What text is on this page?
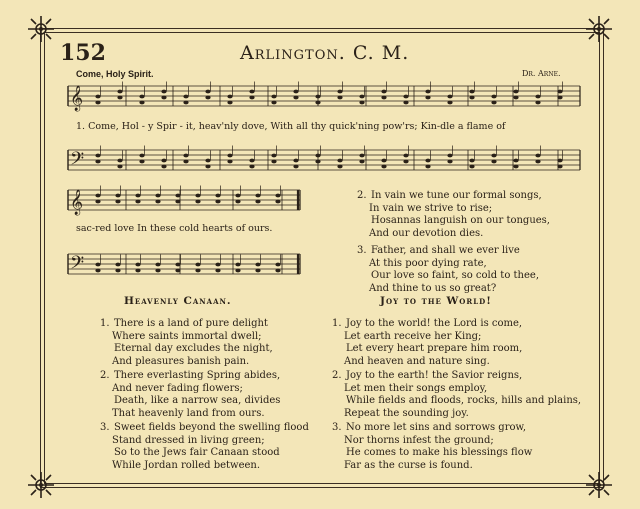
152	Arlington. C. M.
Come, Holy Spirit.	Dr. Arne.
𝄞
𝄢
𝄞
𝄢
1. Come, Hol - y Spir - it, heav'nly dove, With all thy quick'ning pow'rs; Kin-dle a flame of
sac-red love In these cold hearts of ours.
2. In vain we tune our formal songs,
In vain we strive to rise;
Hosannas languish on our tongues,
And our devotion dies.
3. Father, and shall we ever live
At this poor dying rate,
Our love so faint, so cold to thee,
And thine to us so great?
Heavenly Canaan.
1. There is a land of pure delight
Where saints immortal dwell;
Eternal day excludes the night,
And pleasures banish pain.
2. There everlasting Spring abides,
And never fading flowers;
Death, like a narrow sea, divides
That heavenly land from ours.
3. Sweet fields beyond the swelling flood
Stand dressed in living green;
So to the Jews fair Canaan stood
While Jordan rolled between.
Joy to the World!
1. Joy to the world! the Lord is come,
Let earth receive her King;
Let every heart prepare him room,
And heaven and nature sing.
2. Joy to the earth! the Savior reigns,
Let men their songs employ,
While fields and floods, rocks, hills and plains,
Repeat the sounding joy.
3. No more let sins and sorrows grow,
Nor thorns infest the ground;
He comes to make his blessings flow
Far as the curse is found.
